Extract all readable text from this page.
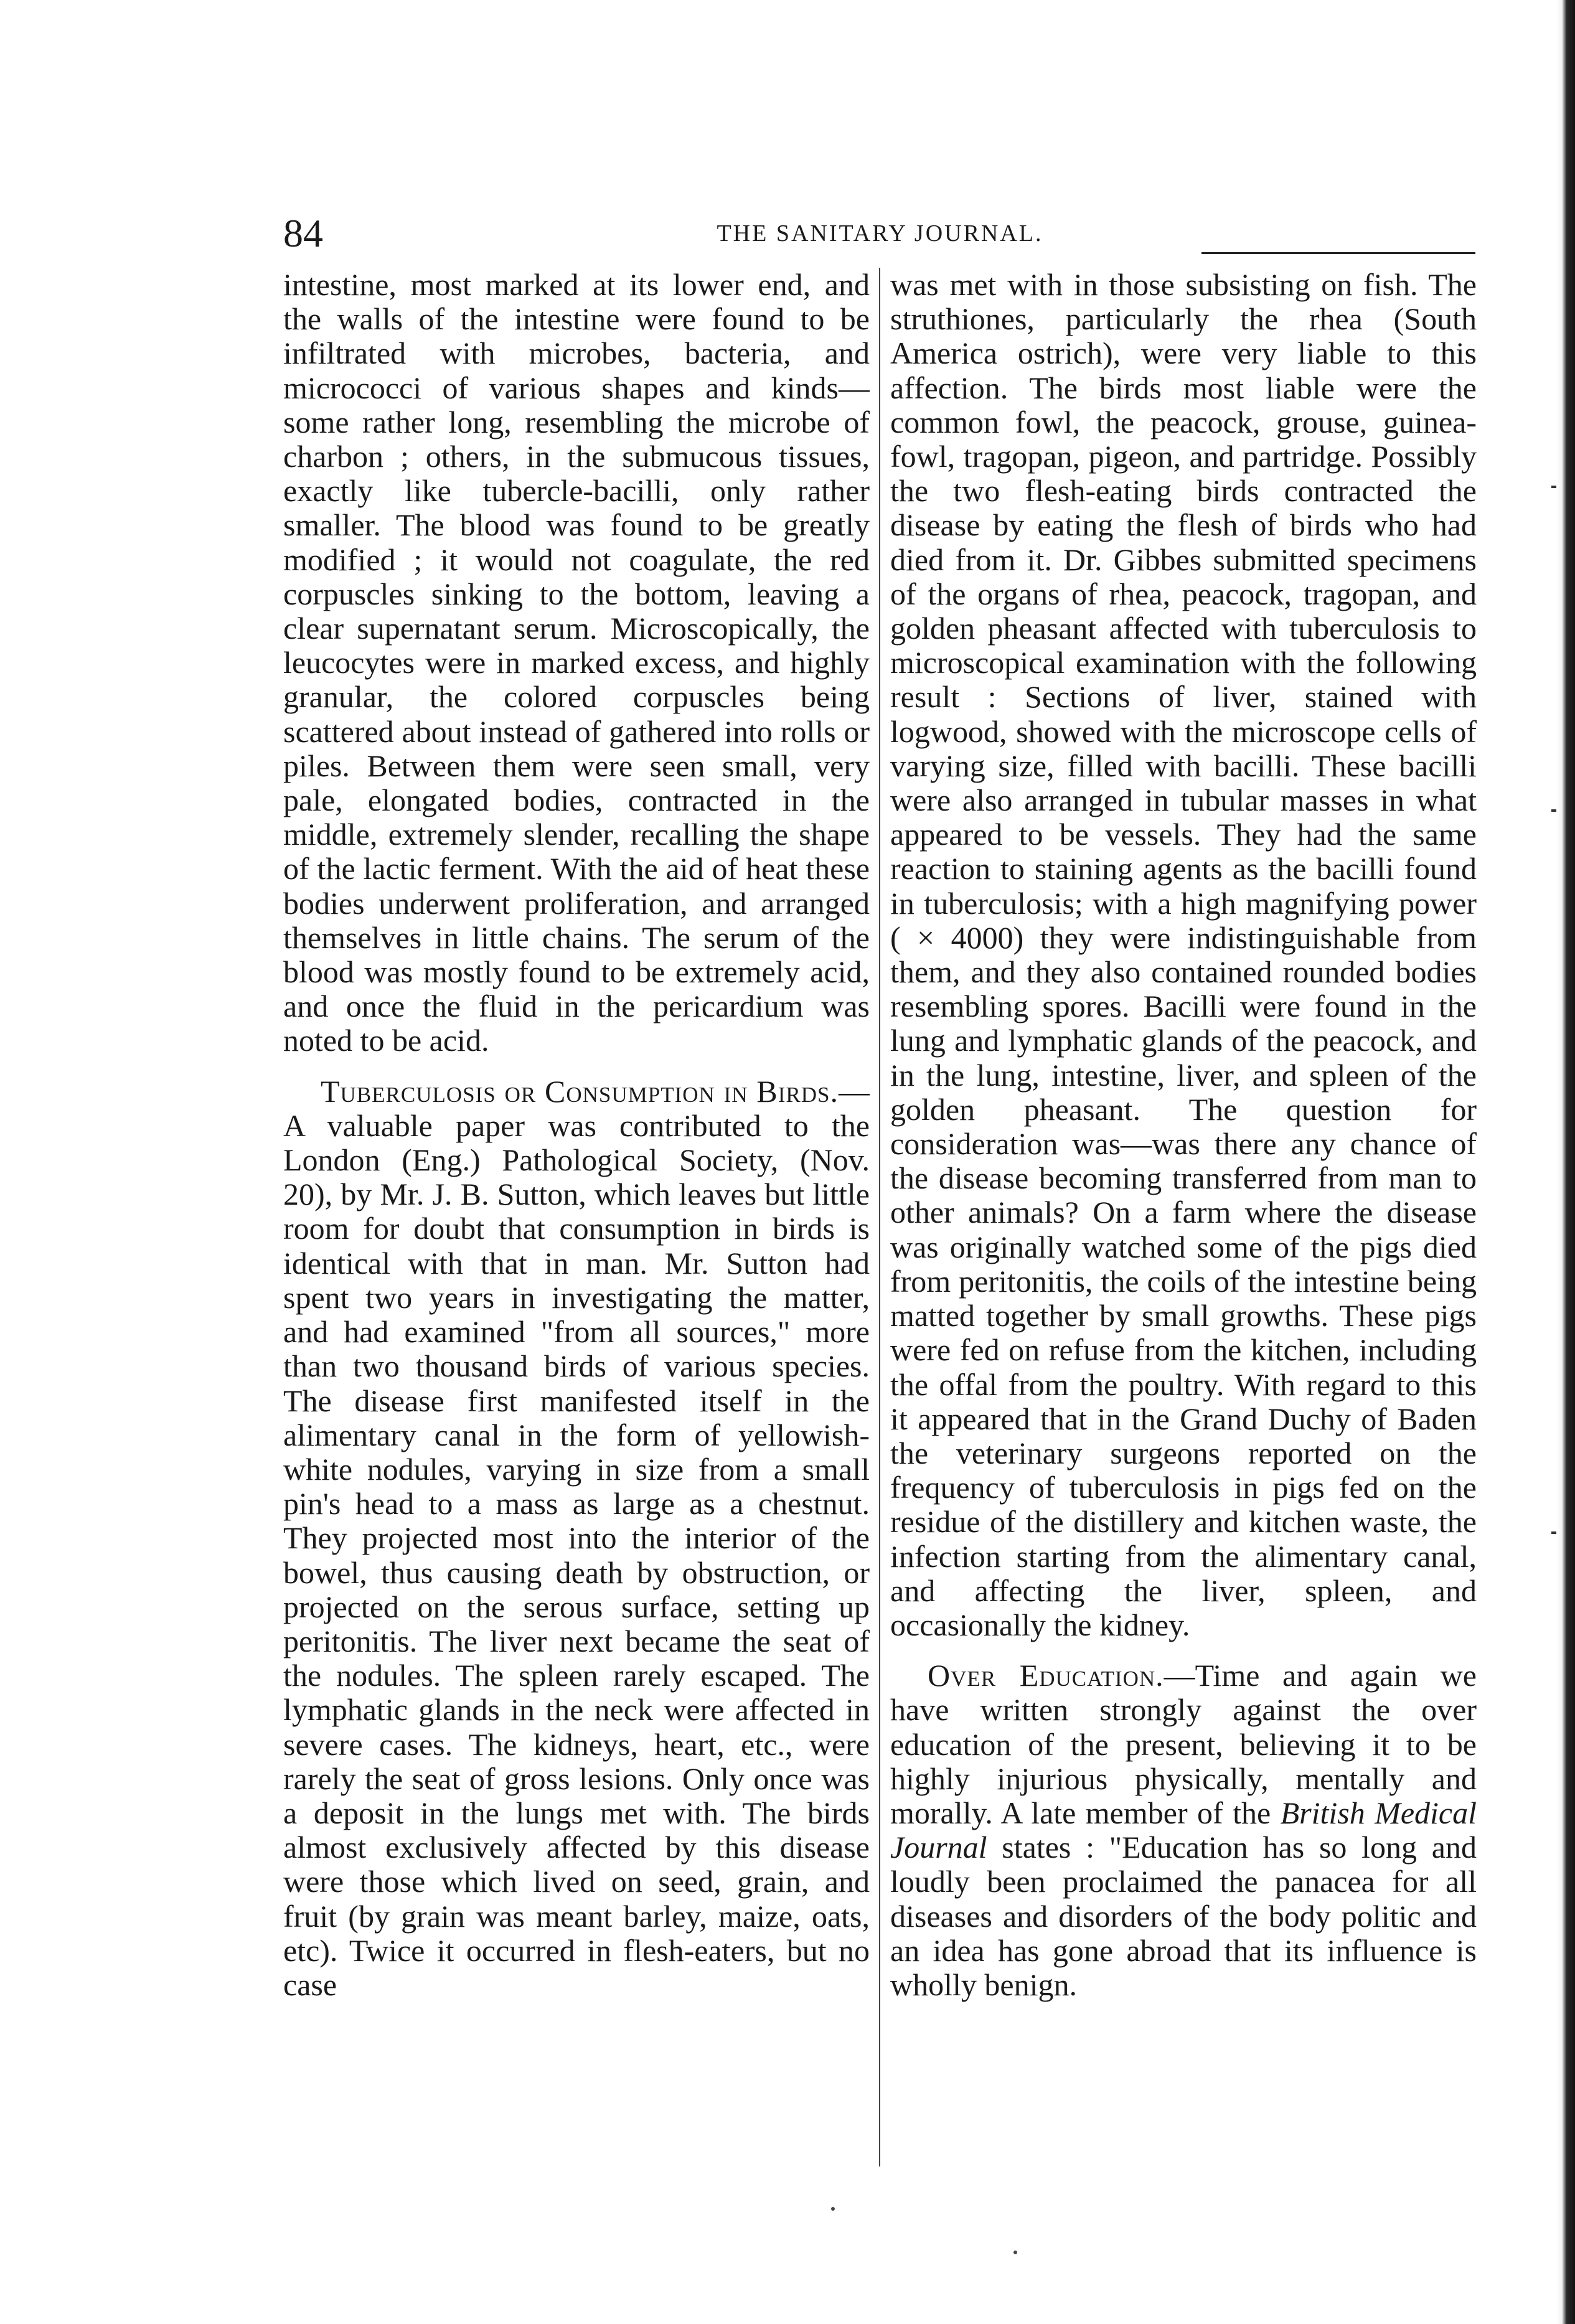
84	THE SANITARY JOURNAL.

intestine, most marked at its lower end, and the walls of the intestine were found to be infiltrated with microbes, bacteria, and micrococci of various shapes and kinds—some rather long, resembling the microbe of charbon ; others, in the submucous tissues, exactly like tubercle-bacilli, only rather smaller. The blood was found to be greatly modified ; it would not coagulate, the red corpuscles sinking to the bottom, leaving a clear supernatant serum. Microscopically, the leucocytes were in marked excess, and highly granular, the colored corpuscles being scattered about instead of gathered into rolls or piles. Between them were seen small, very pale, elongated bodies, contracted in the middle, extremely slender, recalling the shape of the lactic ferment. With the aid of heat these bodies underwent proliferation, and arranged themselves in little chains. The serum of the blood was mostly found to be extremely acid, and once the fluid in the pericardium was noted to be acid.

Tuberculosis or Consumption in Birds.—A valuable paper was contributed to the London (Eng.) Pathological Society, (Nov. 20), by Mr. J. B. Sutton, which leaves but little room for doubt that consumption in birds is identical with that in man. Mr. Sutton had spent two years in investigating the matter, and had examined "from all sources," more than two thousand birds of various species. The disease first manifested itself in the alimentary canal in the form of yellowish-white nodules, varying in size from a small pin's head to a mass as large as a chestnut. They projected most into the interior of the bowel, thus causing death by obstruction, or projected on the serous surface, setting up peritonitis. The liver next became the seat of the nodules. The spleen rarely escaped. The lymphatic glands in the neck were affected in severe cases. The kidneys, heart, etc., were rarely the seat of gross lesions. Only once was a deposit in the lungs met with. The birds almost exclusively affected by this disease were those which lived on seed, grain, and fruit (by grain was meant barley, maize, oats, etc). Twice it occurred in flesh-eaters, but no case

was met with in those subsisting on fish. The struthiones, particularly the rhea (South America ostrich), were very liable to this affection. The birds most liable were the common fowl, the peacock, grouse, guinea-fowl, tragopan, pigeon, and partridge. Possibly the two flesh-eating birds contracted the disease by eating the flesh of birds who had died from it. Dr. Gibbes submitted specimens of the organs of rhea, peacock, tragopan, and golden pheasant affected with tuberculosis to microscopical examination with the following result : Sections of liver, stained with logwood, showed with the microscope cells of varying size, filled with bacilli. These bacilli were also arranged in tubular masses in what appeared to be vessels. They had the same reaction to staining agents as the bacilli found in tuberculosis; with a high magnifying power ( × 4000) they were indistinguishable from them, and they also contained rounded bodies resembling spores. Bacilli were found in the lung and lymphatic glands of the peacock, and in the lung, intestine, liver, and spleen of the golden pheasant. The question for consideration was—was there any chance of the disease becoming transferred from man to other animals? On a farm where the disease was originally watched some of the pigs died from peritonitis, the coils of the intestine being matted together by small growths. These pigs were fed on refuse from the kitchen, including the offal from the poultry. With regard to this it appeared that in the Grand Duchy of Baden the veterinary surgeons reported on the frequency of tuberculosis in pigs fed on the residue of the distillery and kitchen waste, the infection starting from the alimentary canal, and affecting the liver, spleen, and occasionally the kidney.

Over Education.—Time and again we have written strongly against the over education of the present, believing it to be highly injurious physically, mentally and morally. A late member of the British Medical Journal states : "Education has so long and loudly been proclaimed the panacea for all diseases and disorders of the body politic and an idea has gone abroad that its influence is wholly benign.
